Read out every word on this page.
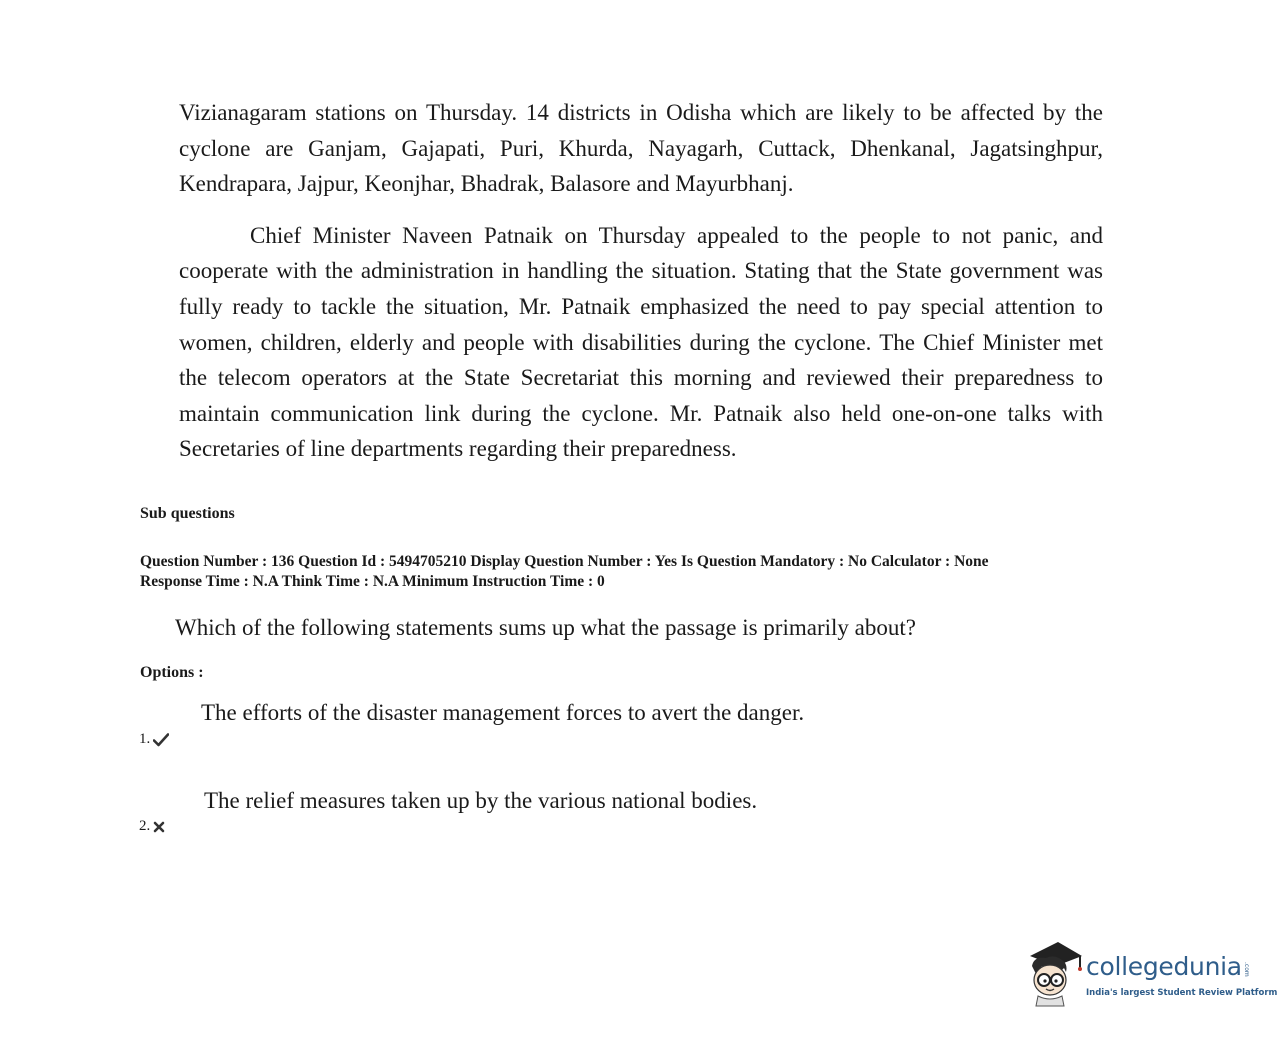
Vizianagaram stations on Thursday. 14 districts in Odisha which are likely to be affected by the cyclone are Ganjam, Gajapati, Puri, Khurda, Nayagarh, Cuttack, Dhenkanal, Jagatsinghpur, Kendrapara, Jajpur, Keonjhar, Bhadrak, Balasore and Mayurbhanj.

Chief Minister Naveen Patnaik on Thursday appealed to the people to not panic, and cooperate with the administration in handling the situation. Stating that the State government was fully ready to tackle the situation, Mr. Patnaik emphasized the need to pay special attention to women, children, elderly and people with disabilities during the cyclone. The Chief Minister met the telecom operators at the State Secretariat this morning and reviewed their preparedness to maintain communication link during the cyclone. Mr. Patnaik also held one-on-one talks with Secretaries of line departments regarding their preparedness.

Sub questions
Question Number : 136 Question Id : 5494705210 Display Question Number : Yes Is Question Mandatory : No Calculator : None
Response Time : N.A Think Time : N.A Minimum Instruction Time : 0
Which of the following statements sums up what the passage is primarily about?
Options :
The efforts of the disaster management forces to avert the danger.
1.
The relief measures taken up by the various national bodies.
2.
collegedunia .com
India's largest Student Review Platform
